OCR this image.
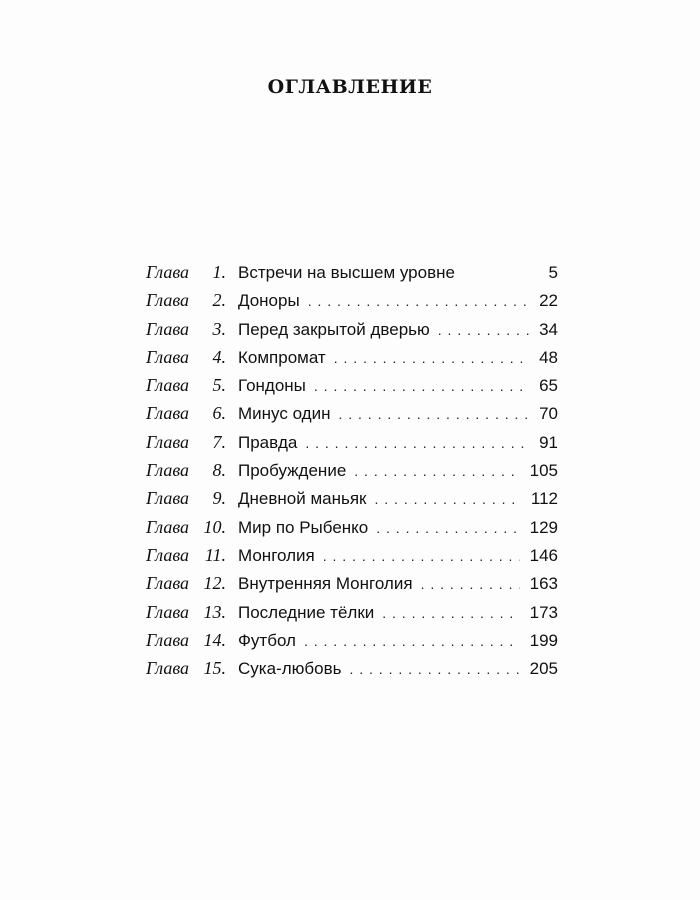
ОГЛАВЛЕНИЕ
Глава	1. Встречи на высшем уровне	5
Глава	2. Доноры . . .	22
Глава	3. Перед закрытой дверью . . .	34
Глава	4. Компромат . . .	48
Глава	5. Гондоны . . .	65
Глава	6. Минус один . . .	70
Глава	7. Правда . . .	91
Глава	8. Пробуждение . . .	105
Глава	9. Дневной маньяк . . .	112
Глава 10. Мир по Рыбенко . . .	129
Глава 11. Монголия . . .	146
Глава 12. Внутренняя Монголия . . .	163
Глава 13. Последние тёлки . . .	173
Глава 14. Футбол . . .	199
Глава 15. Сука-любовь . . .	205
